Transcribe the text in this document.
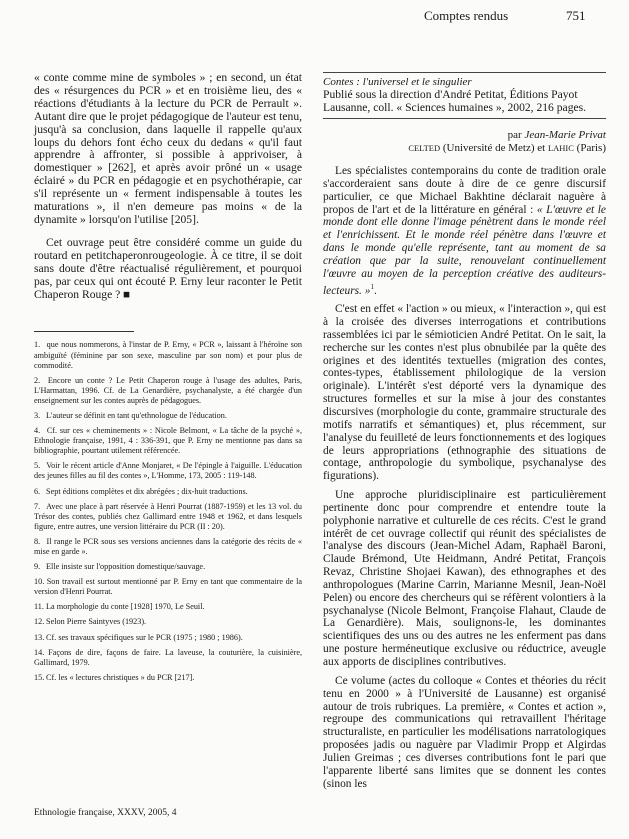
Comptes rendus	751

« conte comme mine de symboles » ; en second, un état des « résurgences du PCR » et en troisième lieu, des « réactions d'étudiants à la lecture du PCR de Perrault ». Autant dire que le projet pédagogique de l'auteur est tenu, jusqu'à sa conclusion, dans laquelle il rappelle qu'aux loups du dehors font écho ceux du dedans « qu'il faut apprendre à affronter, si possible à apprivoiser, à domestiquer » [262], et après avoir prôné un « usage éclairé » du PCR en pédagogie et en psychothérapie, car s'il représente un « ferment indispensable à toutes les maturations », il n'en demeure pas moins « de la dynamite » lorsqu'on l'utilise [205].

Cet ouvrage peut être considéré comme un guide du routard en petitchaperonrougeologie. À ce titre, il se doit sans doute d'être réactualisé régulièrement, et pourquoi pas, par ceux qui ont écouté P. Erny leur raconter le Petit Chaperon Rouge ? ■

1. que nous nommerons, à l'instar de P. Erny, « PCR », laissant à l'héroïne son ambiguïté (féminine par son sexe, masculine par son nom) et pour plus de commodité.

2. Encore un conte ? Le Petit Chaperon rouge à l'usage des adultes, Paris, L'Harmattan, 1996. Cf. de La Genardière, psychanalyste, a été chargée d'un enseignement sur les contes auprès de pédagogues.

3. L'auteur se définit en tant qu'ethnologue de l'éducation.

4. Cf. sur ces « cheminements » : Nicole Belmont, « La tâche de la psyché », Ethnologie française, 1991, 4 : 336-391, que P. Erny ne mentionne pas dans sa bibliographie, pourtant utilement référencée.

5. Voir le récent article d'Anne Monjaret, « De l'épingle à l'aiguille. L'éducation des jeunes filles au fil des contes », L'Homme, 173, 2005 : 119-148.

6. Sept éditions complètes et dix abrégées ; dix-huit traductions.

7. Avec une place à part réservée à Henri Pourrat (1887-1959) et les 13 vol. du Trésor des contes, publiés chez Gallimard entre 1948 et 1962, et dans lesquels figure, entre autres, une version littéraire du PCR (II : 20).

8. Il range le PCR sous ses versions anciennes dans la catégorie des récits de « mise en garde ».

9. Elle insiste sur l'opposition domestique/sauvage.

10. Son travail est surtout mentionné par P. Erny en tant que commentaire de la version d'Henri Pourrat.

11. La morphologie du conte [1928] 1970, Le Seuil.

12. Selon Pierre Saintyves (1923).

13. Cf. ses travaux spécifiques sur le PCR (1975 ; 1980 ; 1986).

14. Façons de dire, façons de faire. La laveuse, la couturière, la cuisinière, Gallimard, 1979.

15. Cf. les « lectures christiques » du PCR [217].

Contes : l'universel et le singulier
Publié sous la direction d'André Petitat, Éditions Payot Lausanne, coll. « Sciences humaines », 2002, 216 pages.
par Jean-Marie Privat
CELTED (Université de Metz) et LAHIC (Paris)

Les spécialistes contemporains du conte de tradition orale s'accorderaient sans doute à dire de ce genre discursif particulier, ce que Michael Bakhtine déclarait naguère à propos de l'art et de la littérature en général : « L'œuvre et le monde dont elle donne l'image pénètrent dans le monde réel et l'enrichissent. Et le monde réel pénètre dans l'œuvre et dans le monde qu'elle représente, tant au moment de sa création que par la suite, renouvelant continuellement l'œuvre au moyen de la perception créative des auditeurs-lecteurs. »$^1$.

C'est en effet « l'action » ou mieux, « l'interaction », qui est à la croisée des diverses interrogations et contributions rassemblées ici par le sémioticien André Petitat. On le sait, la recherche sur les contes n'est plus obnubilée par la quête des origines et des identités textuelles (migration des contes, contes-types, établissement philologique de la version originale). L'intérêt s'est déporté vers la dynamique des structures formelles et sur la mise à jour des constantes discursives (morphologie du conte, grammaire structurale des motifs narratifs et sémantiques) et, plus récemment, sur l'analyse du feuilleté de leurs fonctionnements et des logiques de leurs appropriations (ethnographie des situations de contage, anthropologie du symbolique, psychanalyse des figurations).

Une approche pluridisciplinaire est particulièrement pertinente donc pour comprendre et entendre toute la polyphonie narrative et culturelle de ces récits. C'est le grand intérêt de cet ouvrage collectif qui réunit des spécialistes de l'analyse des discours (Jean-Michel Adam, Raphaël Baroni, Claude Brémond, Ute Heidmann, André Petitat, François Revaz, Christine Shojaei Kawan), des ethnographes et des anthropologues (Marine Carrin, Marianne Mesnil, Jean-Noël Pelen) ou encore des chercheurs qui se réfèrent volontiers à la psychanalyse (Nicole Belmont, Françoise Flahaut, Claude de La Genardière). Mais, soulignons-le, les dominantes scientifiques des uns ou des autres ne les enferment pas dans une posture herméneutique exclusive ou réductrice, aveugle aux apports de disciplines contributives.

Ce volume (actes du colloque « Contes et théories du récit tenu en 2000 » à l'Université de Lausanne) est organisé autour de trois rubriques. La première, « Contes et action », regroupe des communications qui retravaillent l'héritage structuraliste, en particulier les modélisations narratologiques proposées jadis ou naguère par Vladimir Propp et Algirdas Julien Greimas ; ces diverses contributions font le pari que l'apparente liberté sans limites que se donnent les contes (sinon les

Ethnologie française, XXXV, 2005, 4
